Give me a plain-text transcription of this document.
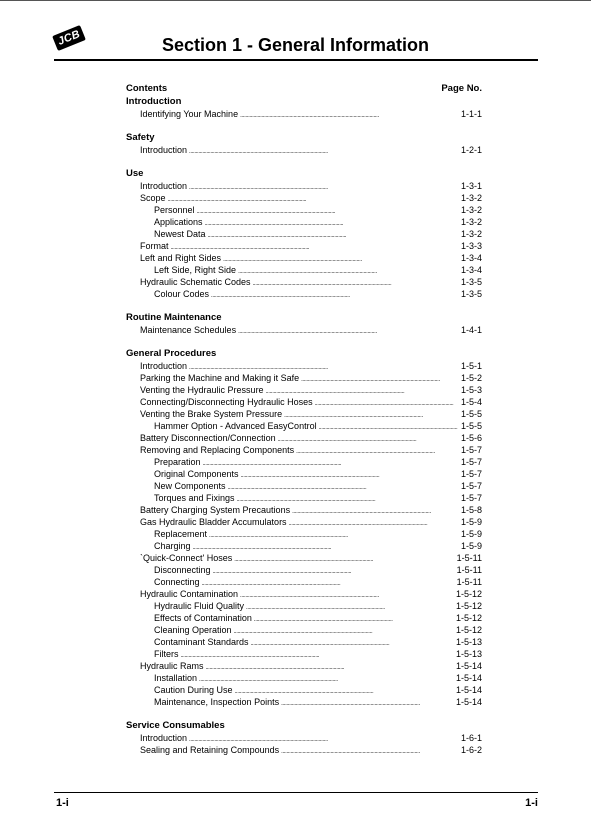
JCB	Section 1 - General Information
Contents	Page No.
Introduction
Identifying Your Machine . . .	1-1-1
Safety
Introduction . . .	1-2-1
Use
Introduction . . .	1-3-1
Scope . . .	1-3-2
Personnel . . .	1-3-2
Applications . . .	1-3-2
Newest Data . . .	1-3-2
Format . . .	1-3-3
Left and Right Sides . . .	1-3-4
Left Side, Right Side . . .	1-3-4
Hydraulic Schematic Codes . . .	1-3-5
Colour Codes . . .	1-3-5
Routine Maintenance
Maintenance Schedules . . .	1-4-1
General Procedures
Introduction . . .	1-5-1
Parking the Machine and Making it Safe . . .	1-5-2
Venting the Hydraulic Pressure . . .	1-5-3
Connecting/Disconnecting Hydraulic Hoses . . .	1-5-4
Venting the Brake System Pressure . . .	1-5-5
Hammer Option - Advanced EasyControl . . .	1-5-5
Battery Disconnection/Connection . . .	1-5-6
Removing and Replacing Components . . .	1-5-7
Preparation . . .	1-5-7
Original Components . . .	1-5-7
New Components . . .	1-5-7
Torques and Fixings . . .	1-5-7
Battery Charging System Precautions . . .	1-5-8
Gas Hydraulic Bladder Accumulators . . .	1-5-9
Replacement . . .	1-5-9
Charging . . .	1-5-9
`Quick-Connect' Hoses . . .	1-5-11
Disconnecting . . .	1-5-11
Connecting . . .	1-5-11
Hydraulic Contamination . . .	1-5-12
Hydraulic Fluid Quality . . .	1-5-12
Effects of Contamination . . .	1-5-12
Cleaning Operation . . .	1-5-12
Contaminant Standards . . .	1-5-13
Filters . . .	1-5-13
Hydraulic Rams . . .	1-5-14
Installation . . .	1-5-14
Caution During Use . . .	1-5-14
Maintenance, Inspection Points . . .	1-5-14
Service Consumables
Introduction . . .	1-6-1
Sealing and Retaining Compounds . . .	1-6-2
1-i	1-i
